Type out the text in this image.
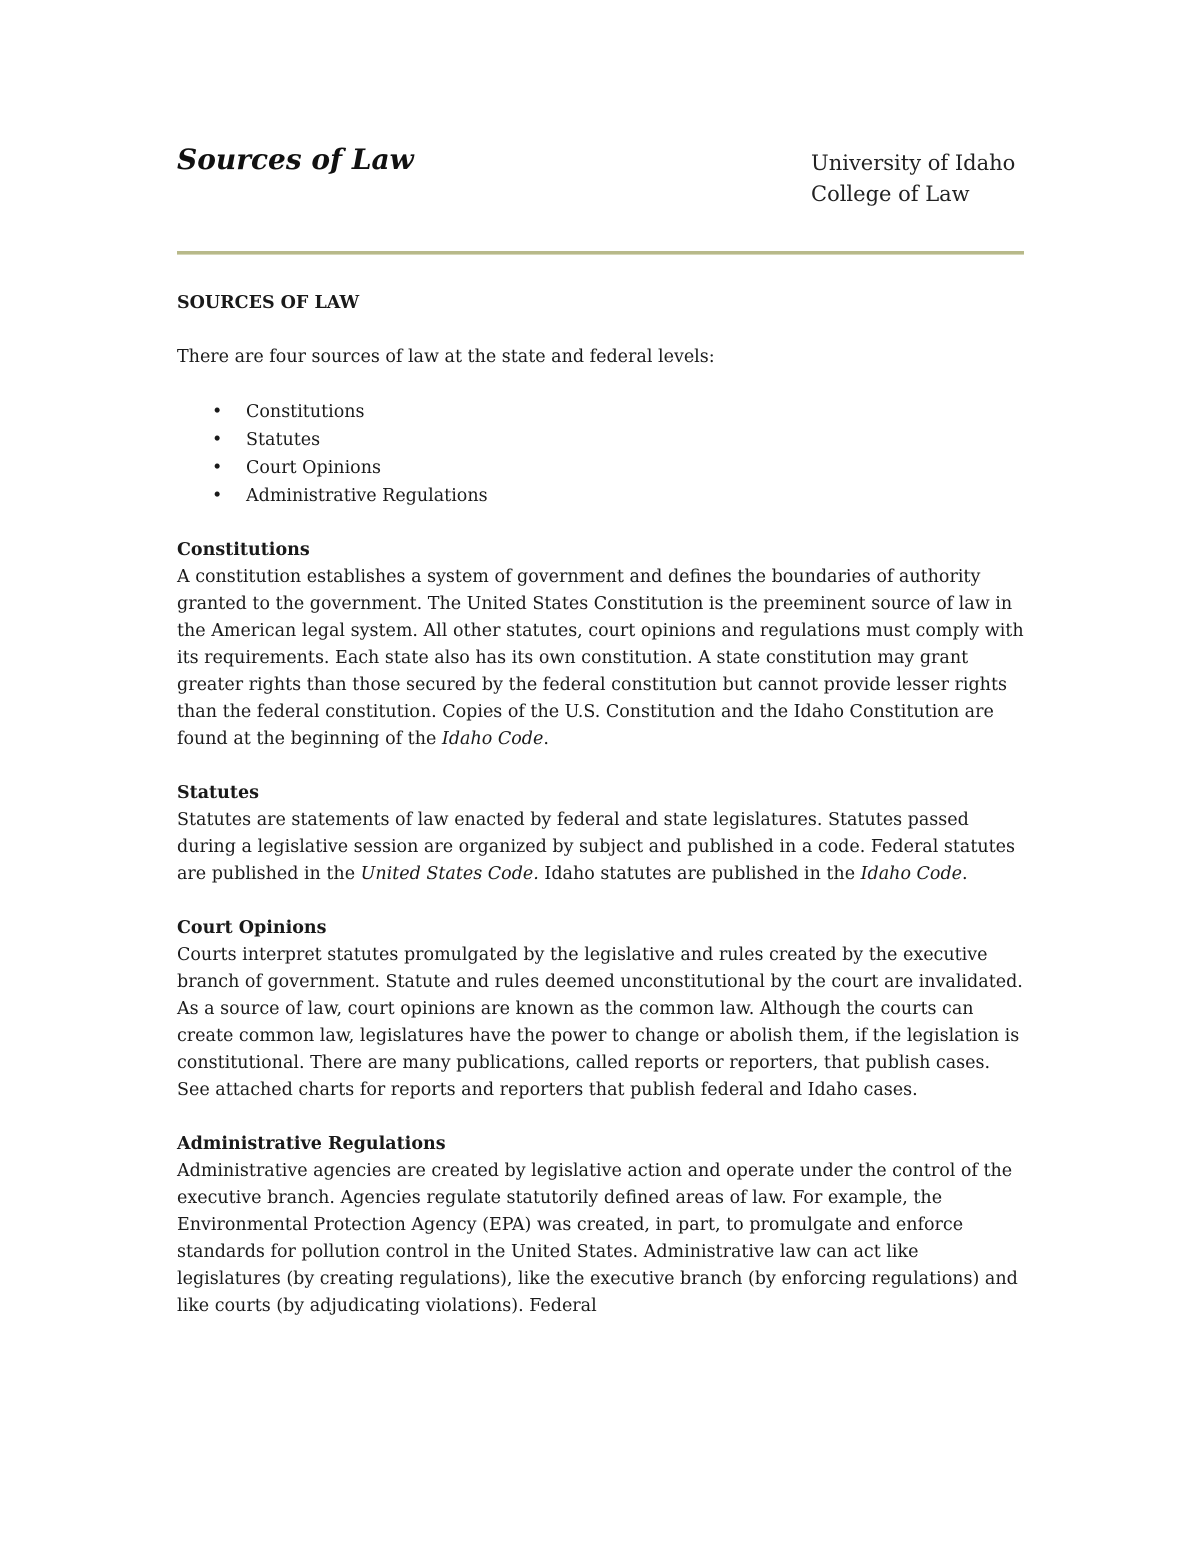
Sources of Law	University of Idaho
College of Law
SOURCES OF LAW

There are four sources of law at the state and federal levels:

• Constitutions
• Statutes
• Court Opinions
• Administrative Regulations
Constitutions

A constitution establishes a system of government and defines the boundaries of authority granted to the government. The United States Constitution is the preeminent source of law in the American legal system. All other statutes, court opinions and regulations must comply with its requirements. Each state also has its own constitution. A state constitution may grant greater rights than those secured by the federal constitution but cannot provide lesser rights than the federal constitution. Copies of the U.S. Constitution and the Idaho Constitution are found at the beginning of the Idaho Code.

Statutes

Statutes are statements of law enacted by federal and state legislatures. Statutes passed during a legislative session are organized by subject and published in a code. Federal statutes are published in the United States Code. Idaho statutes are published in the Idaho Code.

Court Opinions

Courts interpret statutes promulgated by the legislative and rules created by the executive branch of government. Statute and rules deemed unconstitutional by the court are invalidated. As a source of law, court opinions are known as the common law. Although the courts can create common law, legislatures have the power to change or abolish them, if the legislation is constitutional. There are many publications, called reports or reporters, that publish cases. See attached charts for reports and reporters that publish federal and Idaho cases.

Administrative Regulations

Administrative agencies are created by legislative action and operate under the control of the executive branch. Agencies regulate statutorily defined areas of law. For example, the Environmental Protection Agency (EPA) was created, in part, to promulgate and enforce standards for pollution control in the United States. Administrative law can act like legislatures (by creating regulations), like the executive branch (by enforcing regulations) and like courts (by adjudicating violations). Federal
